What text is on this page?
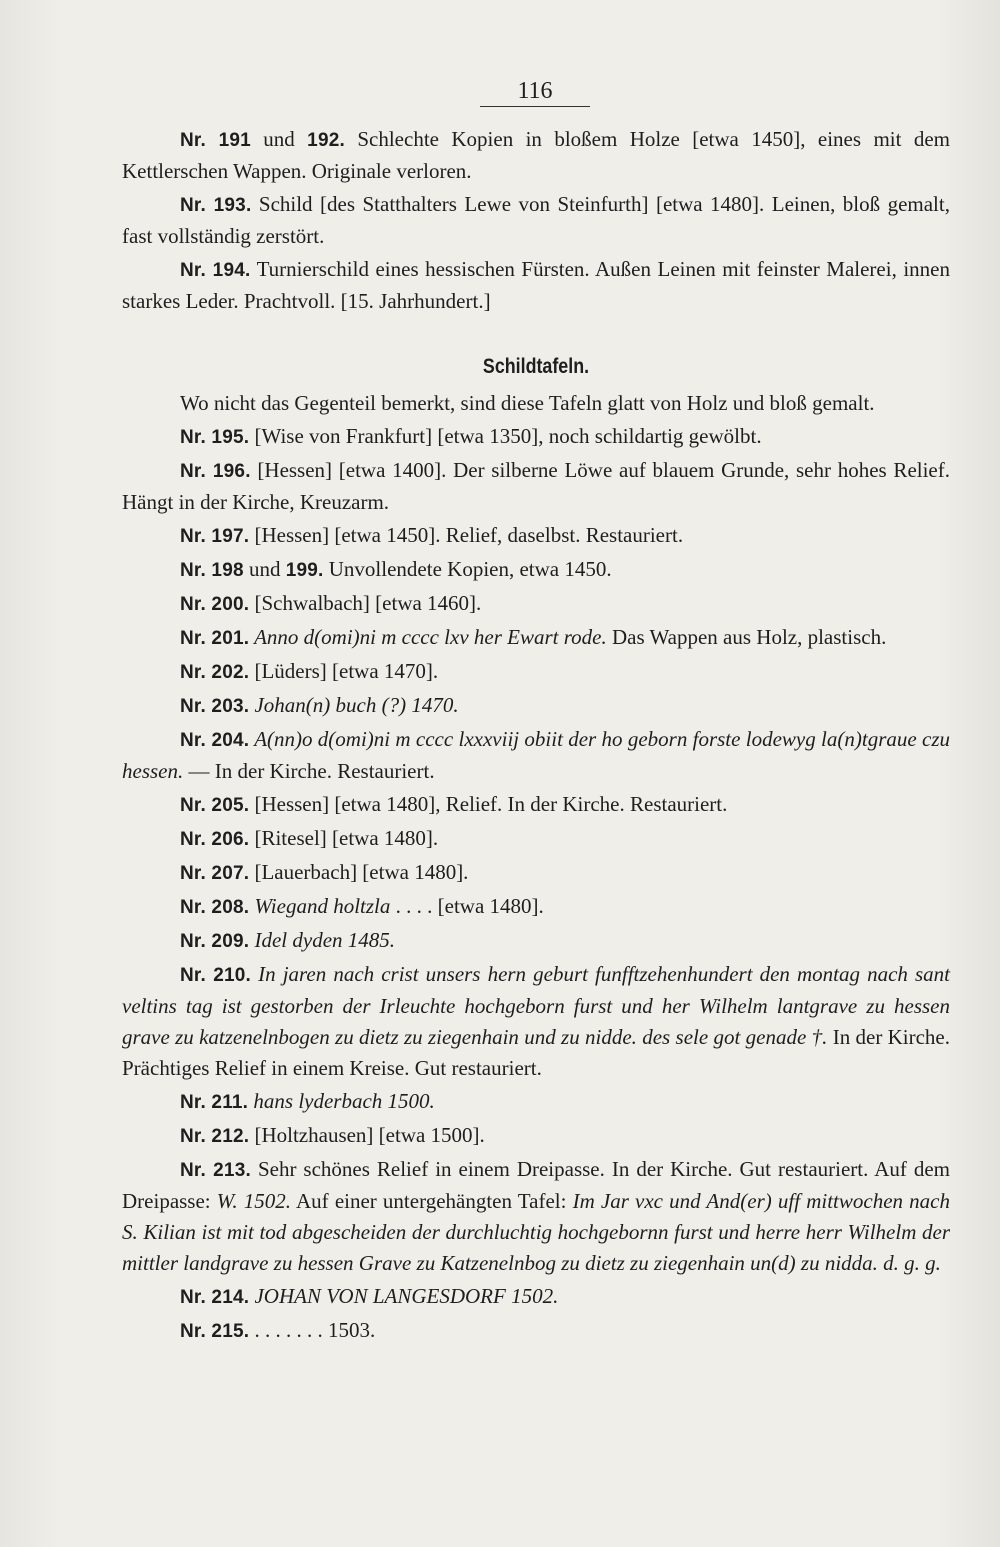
116

Nr. 191 und 192. Schlechte Kopien in bloßem Holze [etwa 1450], eines mit dem Kettlerschen Wappen. Originale verloren.

Nr. 193. Schild [des Statthalters Lewe von Steinfurth] [etwa 1480]. Leinen, bloß gemalt, fast vollständig zerstört.

Nr. 194. Turnierschild eines hessischen Fürsten. Außen Leinen mit feinster Malerei, innen starkes Leder. Prachtvoll. [15. Jahrhundert.]

Schildtafeln.

Wo nicht das Gegenteil bemerkt, sind diese Tafeln glatt von Holz und bloß gemalt.

Nr. 195. [Wise von Frankfurt] [etwa 1350], noch schildartig gewölbt.

Nr. 196. [Hessen] [etwa 1400]. Der silberne Löwe auf blauem Grunde, sehr hohes Relief. Hängt in der Kirche, Kreuzarm.

Nr. 197. [Hessen] [etwa 1450]. Relief, daselbst. Restauriert.

Nr. 198 und 199. Unvollendete Kopien, etwa 1450.

Nr. 200. [Schwalbach] [etwa 1460].

Nr. 201. Anno d(omi)ni m cccc lxv her Ewart rode. Das Wappen aus Holz, plastisch.

Nr. 202. [Lüders] [etwa 1470].

Nr. 203. Johan(n) buch (?) 1470.

Nr. 204. A(nn)o d(omi)ni m cccc lxxxviij obiit der ho geborn forste lodewyg la(n)tgraue czu hessen. — In der Kirche. Restauriert.

Nr. 205. [Hessen] [etwa 1480], Relief. In der Kirche. Restauriert.

Nr. 206. [Ritesel] [etwa 1480].

Nr. 207. [Lauerbach] [etwa 1480].

Nr. 208. Wiegand holtzla . . . . [etwa 1480].

Nr. 209. Idel dyden 1485.

Nr. 210. In jaren nach crist unsers hern geburt funfftzehenhundert den montag nach sant veltins tag ist gestorben der Irleuchte hochgeborn furst und her Wilhelm lantgrave zu hessen grave zu katzenelnbogen zu dietz zu ziegenhain und zu nidde. des sele got genade †. In der Kirche. Prächtiges Relief in einem Kreise. Gut restauriert.

Nr. 211. hans lyderbach 1500.

Nr. 212. [Holtzhausen] [etwa 1500].

Nr. 213. Sehr schönes Relief in einem Dreipasse. In der Kirche. Gut restauriert. Auf dem Dreipasse: W. 1502. Auf einer untergehängten Tafel: Im Jar vxc und And(er) uff mittwochen nach S. Kilian ist mit tod abgescheiden der durchluchtig hochgebornn furst und herre herr Wilhelm der mittler landgrave zu hessen Grave zu Katzenelnbog zu dietz zu ziegenhain un(d) zu nidda. d. g. g.

Nr. 214. JOHAN VON LANGESDORF 1502.

Nr. 215. . . . . . . . 1503.
